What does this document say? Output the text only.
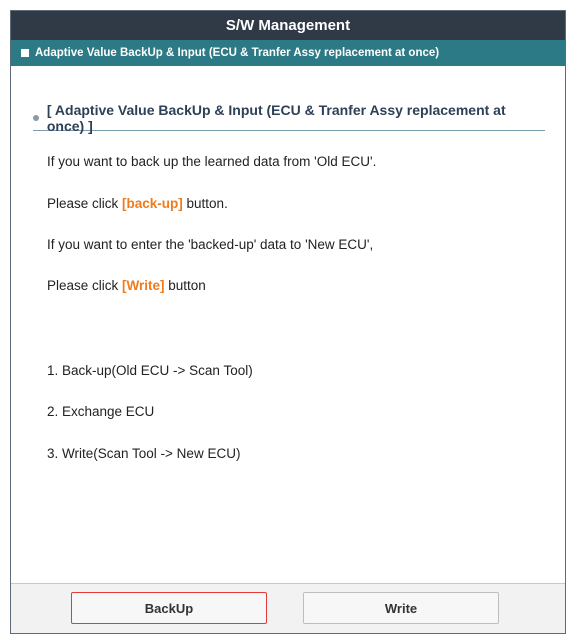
S/W Management
Adaptive Value BackUp & Input (ECU & Tranfer Assy replacement at once)
[ Adaptive Value BackUp & Input (ECU & Tranfer Assy replacement at once) ]
If you want to back up the learned data from 'Old ECU'.
Please click [back-up] button.
If you want to enter the 'backed-up' data to 'New ECU',
Please click [Write] button
1. Back-up(Old ECU -> Scan Tool)
2. Exchange ECU
3. Write(Scan Tool -> New ECU)
BackUp	Write
